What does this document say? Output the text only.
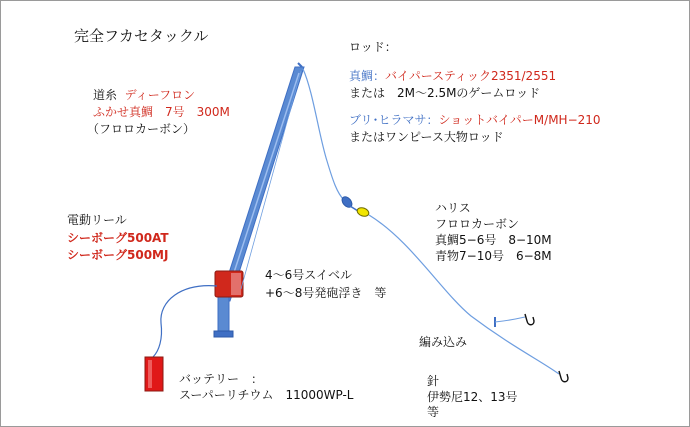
完全フカセタックル
ロッド：
真鯛：バイパースティック2351/2551
または　2M〜2.5Mのゲームロッド
ブリ･ヒラマサ：ショットバイパーM/MH−210
またはワンピース大物ロッド
道糸 ディーフロン
ふかせ真鯛　7号　300M
（フロロカーボン）
電動リール
シーボーグ500AT
シーボーグ500MJ
4〜6号スイベル
+6〜8号発砲浮き　等
ハリス
フロロカーボン
真鯛5−6号　8−10M
青物7−10号　6−8M
編み込み
針
伊勢尼12、13号
等
バッテリー　：
スーパーリチウム　11000WP-L
